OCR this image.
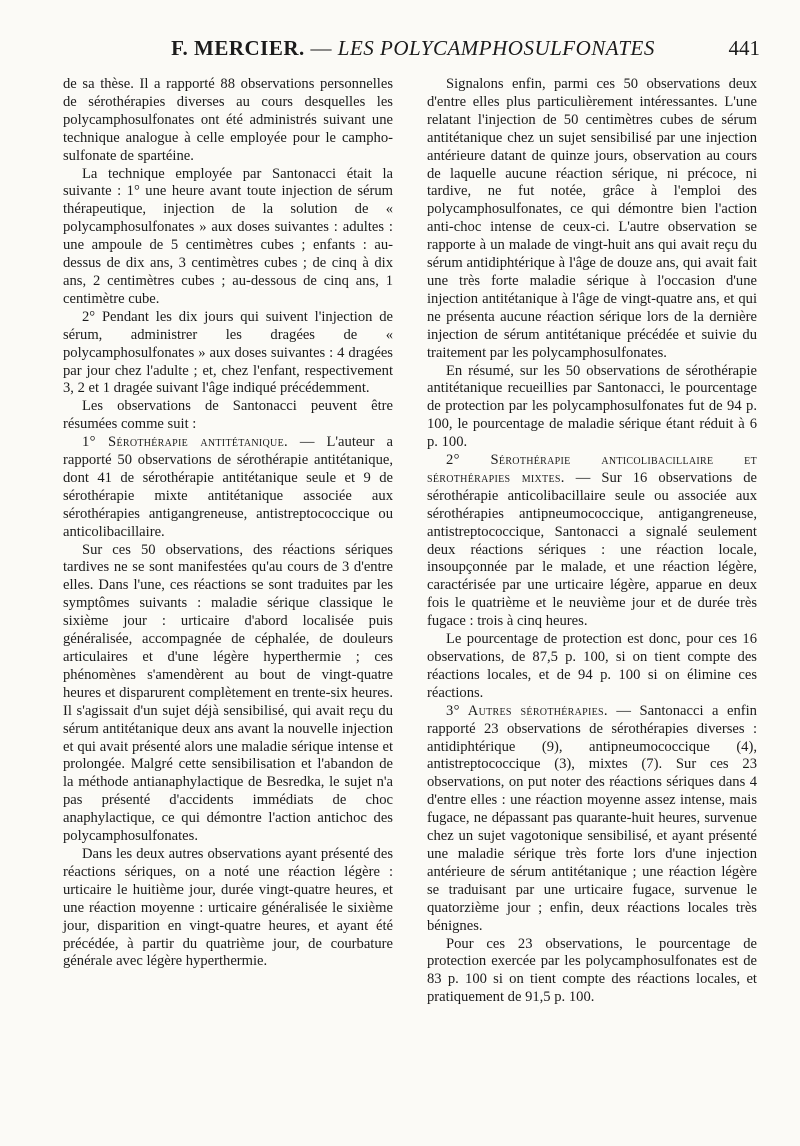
F. MERCIER. — LES POLYCAMPHOSULFONATES	441

de sa thèse. Il a rapporté 88 observations personnelles de sérothérapies diverses au cours desquelles les polycamphosulfonates ont été administrés suivant une technique analogue à celle employée pour le campho-sulfonate de spartéine.

La technique employée par Santonacci était la suivante : 1° une heure avant toute injection de sérum thérapeutique, injection de la solution de « polycamphosulfonates » aux doses suivantes : adultes : une ampoule de 5 centimètres cubes ; enfants : au-dessus de dix ans, 3 centimètres cubes ; de cinq à dix ans, 2 centimètres cubes ; au-dessous de cinq ans, 1 centimètre cube.

2° Pendant les dix jours qui suivent l'injection de sérum, administrer les dragées de « polycamphosulfonates » aux doses suivantes : 4 dragées par jour chez l'adulte ; et, chez l'enfant, respectivement 3, 2 et 1 dragée suivant l'âge indiqué précédemment.

Les observations de Santonacci peuvent être résumées comme suit :

1° Sérothérapie antitétanique. — L'auteur a rapporté 50 observations de sérothérapie antitétanique, dont 41 de sérothérapie antitétanique seule et 9 de sérothérapie mixte antitétanique associée aux sérothérapies antigangreneuse, antistreptococcique ou anticolibacillaire.

Sur ces 50 observations, des réactions sériques tardives ne se sont manifestées qu'au cours de 3 d'entre elles. Dans l'une, ces réactions se sont traduites par les symptômes suivants : maladie sérique classique le sixième jour : urticaire d'abord localisée puis généralisée, accompagnée de céphalée, de douleurs articulaires et d'une légère hyperthermie ; ces phénomènes s'amendèrent au bout de vingt-quatre heures et disparurent complètement en trente-six heures. Il s'agissait d'un sujet déjà sensibilisé, qui avait reçu du sérum antitétanique deux ans avant la nouvelle injection et qui avait présenté alors une maladie sérique intense et prolongée. Malgré cette sensibilisation et l'abandon de la méthode antianaphylactique de Besredka, le sujet n'a pas présenté d'accidents immédiats de choc anaphylactique, ce qui démontre l'action antichoc des polycamphosulfonates.

Dans les deux autres observations ayant présenté des réactions sériques, on a noté une réaction légère : urticaire le huitième jour, durée vingt-quatre heures, et une réaction moyenne : urticaire généralisée le sixième jour, disparition en vingt-quatre heures, et ayant été précédée, à partir du quatrième jour, de courbature générale avec légère hyperthermie.

Signalons enfin, parmi ces 50 observations deux d'entre elles plus particulièrement intéressantes. L'une relatant l'injection de 50 centimètres cubes de sérum antitétanique chez un sujet sensibilisé par une injection antérieure datant de quinze jours, observation au cours de laquelle aucune réaction sérique, ni précoce, ni tardive, ne fut notée, grâce à l'emploi des polycamphosulfonates, ce qui démontre bien l'action anti-choc intense de ceux-ci. L'autre observation se rapporte à un malade de vingt-huit ans qui avait reçu du sérum antidiphtérique à l'âge de douze ans, qui avait fait une très forte maladie sérique à l'occasion d'une injection antitétanique à l'âge de vingt-quatre ans, et qui ne présenta aucune réaction sérique lors de la dernière injection de sérum antitétanique précédée et suivie du traitement par les polycamphosulfonates.

En résumé, sur les 50 observations de sérothérapie antitétanique recueillies par Santonacci, le pourcentage de protection par les polycamphosulfonates fut de 94 p. 100, le pourcentage de maladie sérique étant réduit à 6 p. 100.

2° Sérothérapie anticolibacillaire et sérothérapies mixtes. — Sur 16 observations de sérothérapie anticolibacillaire seule ou associée aux sérothérapies antipneumococcique, antigangreneuse, antistreptococcique, Santonacci a signalé seulement deux réactions sériques : une réaction locale, insoupçonnée par le malade, et une réaction légère, caractérisée par une urticaire légère, apparue en deux fois le quatrième et le neuvième jour et de durée très fugace : trois à cinq heures.

Le pourcentage de protection est donc, pour ces 16 observations, de 87,5 p. 100, si on tient compte des réactions locales, et de 94 p. 100 si on élimine ces réactions.

3° Autres sérothérapies. — Santonacci a enfin rapporté 23 observations de sérothérapies diverses : antidiphtérique (9), antipneumococcique (4), antistreptococcique (3), mixtes (7). Sur ces 23 observations, on put noter des réactions sériques dans 4 d'entre elles : une réaction moyenne assez intense, mais fugace, ne dépassant pas quarante-huit heures, survenue chez un sujet vagotonique sensibilisé, et ayant présenté une maladie sérique très forte lors d'une injection antérieure de sérum antitétanique ; une réaction légère se traduisant par une urticaire fugace, survenue le quatorzième jour ; enfin, deux réactions locales très bénignes.

Pour ces 23 observations, le pourcentage de protection exercée par les polycamphosulfonates est de 83 p. 100 si on tient compte des réactions locales, et pratiquement de 91,5 p. 100.
